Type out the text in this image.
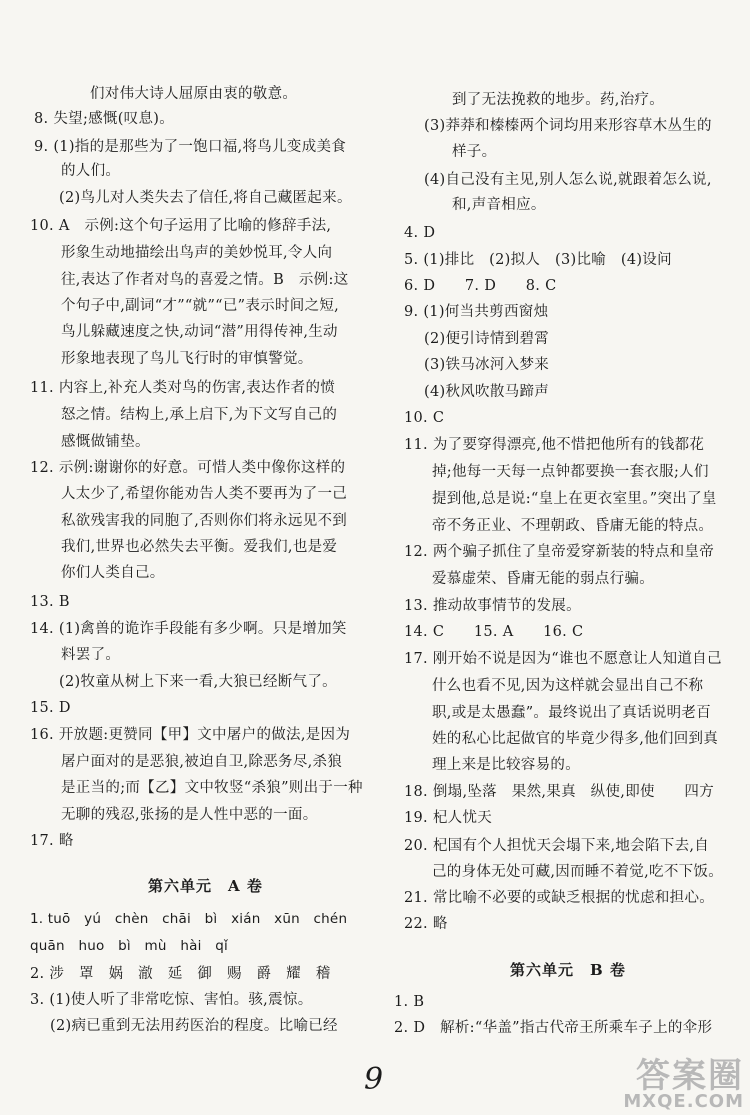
们对伟大诗人屈原由衷的敬意。
8. 失望;感慨(叹息)。
9. (1)指的是那些为了一饱口福,将鸟儿变成美食
的人们。
(2)鸟儿对人类失去了信任,将自己藏匿起来。
10. A　示例:这个句子运用了比喻的修辞手法,
形象生动地描绘出鸟声的美妙悦耳,令人向
往,表达了作者对鸟的喜爱之情。B　示例:这
个句子中,副词“才”“就”“已”表示时间之短,
鸟儿躲藏速度之快,动词“潜”用得传神,生动
形象地表现了鸟儿飞行时的审慎警觉。
11. 内容上,补充人类对鸟的伤害,表达作者的愤
怒之情。结构上,承上启下,为下文写自己的
感慨做铺垫。
12. 示例:谢谢你的好意。可惜人类中像你这样的
人太少了,希望你能劝告人类不要再为了一己
私欲残害我的同胞了,否则你们将永远见不到
我们,世界也必然失去平衡。爱我们,也是爱
你们人类自己。
13. B
14. (1)禽兽的诡诈手段能有多少啊。只是增加笑
料罢了。
(2)牧童从树上下来一看,大狼已经断气了。
15. D
16. 开放题:更赞同【甲】文中屠户的做法,是因为
屠户面对的是恶狼,被迫自卫,除恶务尽,杀狼
是正当的;而【乙】文中牧竖“杀狼”则出于一种
无聊的残忍,张扬的是人性中恶的一面。
17. 略
第六单元　A 卷
1. tuō　yú　chèn　chāi　bì　xián　xūn　chén
quān　huo　bì　mù　hài　qǐ
2. 涉　罩　娲　澈　延　御　赐　爵　耀　稽
3. (1)使人听了非常吃惊、害怕。骇,震惊。
(2)病已重到无法用药医治的程度。比喻已经
到了无法挽救的地步。药,治疗。
(3)莽莽和榛榛两个词均用来形容草木丛生的
样子。
(4)自己没有主见,别人怎么说,就跟着怎么说,
和,声音相应。
4. D
5. (1)排比　(2)拟人　(3)比喻　(4)设问
6. D　　7. D　　8. C
9. (1)何当共剪西窗烛
(2)便引诗情到碧霄
(3)铁马冰河入梦来
(4)秋风吹散马蹄声
10. C
11. 为了要穿得漂亮,他不惜把他所有的钱都花
掉;他每一天每一点钟都要换一套衣服;人们
提到他,总是说:“皇上在更衣室里。”突出了皇
帝不务正业、不理朝政、昏庸无能的特点。
12. 两个骗子抓住了皇帝爱穿新装的特点和皇帝
爱慕虚荣、昏庸无能的弱点行骗。
13. 推动故事情节的发展。
14. C　　15. A　　16. C
17. 刚开始不说是因为“谁也不愿意让人知道自己
什么也看不见,因为这样就会显出自己不称
职,或是太愚蠢”。最终说出了真话说明老百
姓的私心比起做官的毕竟少得多,他们回到真
理上来是比较容易的。
18. 倒塌,坠落　果然,果真　纵使,即使　　四方
19. 杞人忧天
20. 杞国有个人担忧天会塌下来,地会陷下去,自
己的身体无处可藏,因而睡不着觉,吃不下饭。
21. 常比喻不必要的或缺乏根据的忧虑和担心。
22. 略
第六单元　B 卷
1. B
2. D　解析:“华盖”指古代帝王所乘车子上的伞形
9	答案圈
MXQE.COM
